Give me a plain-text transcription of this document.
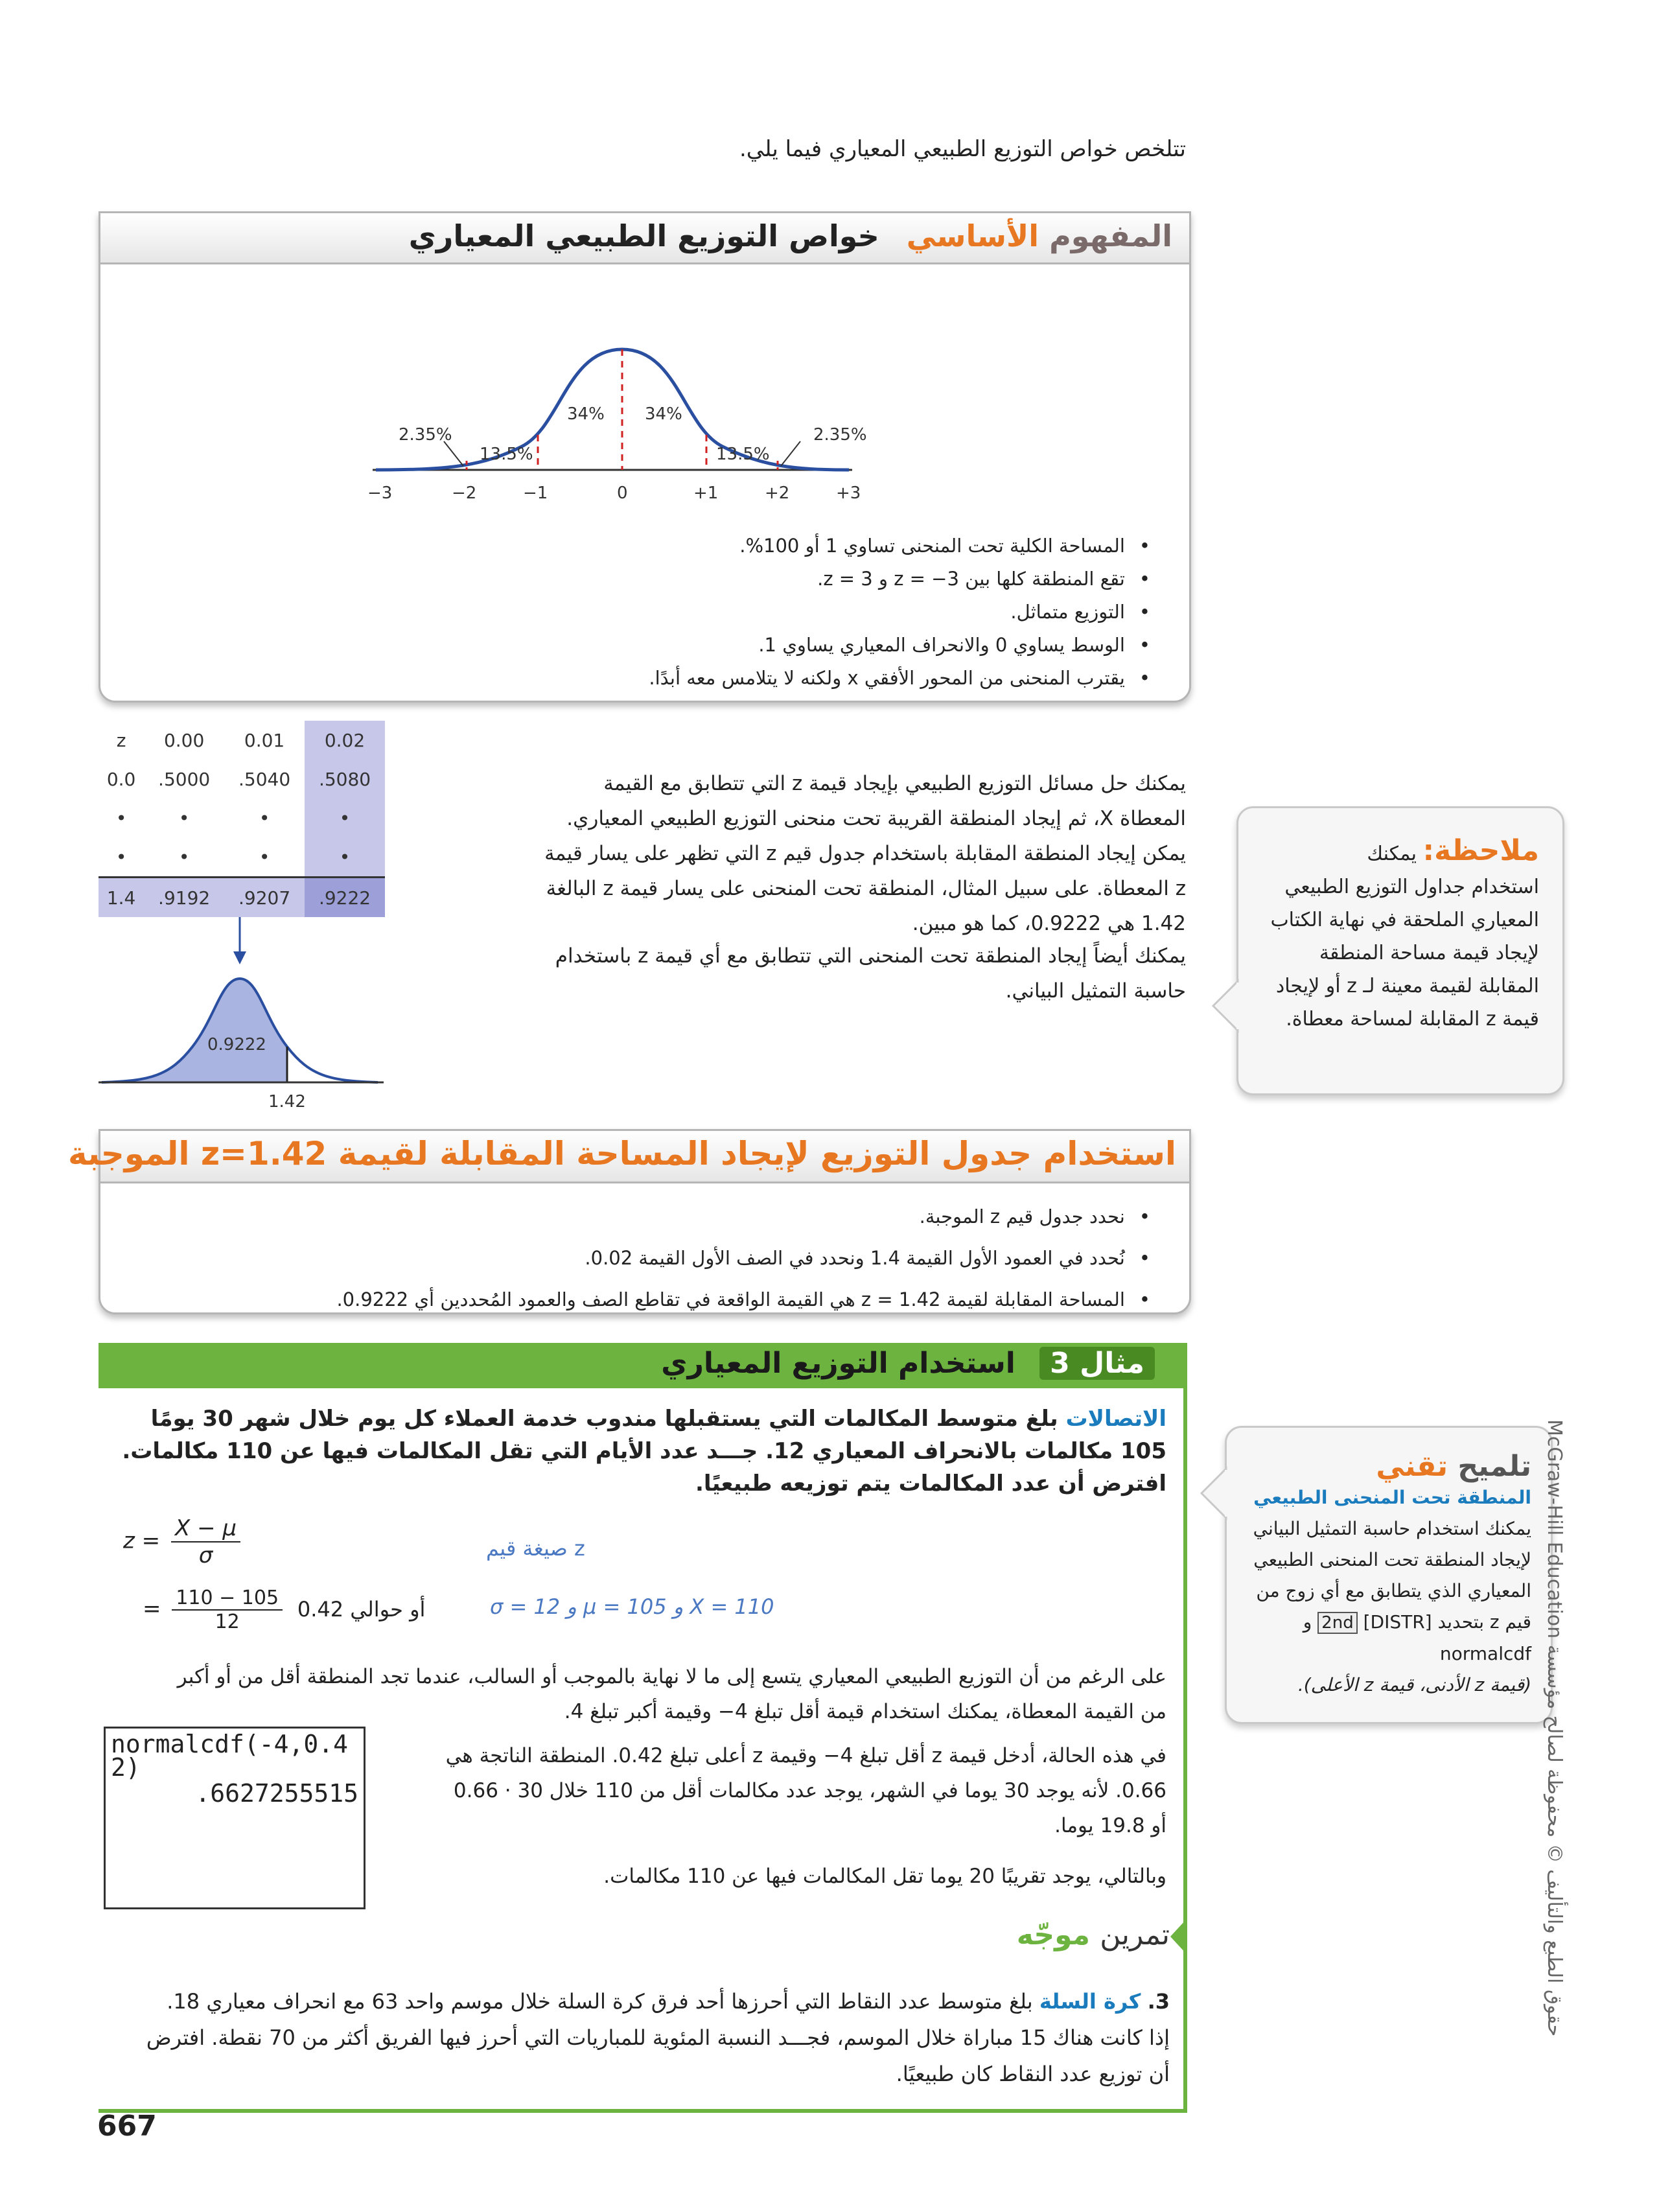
تتلخص خواص التوزيع الطبيعي المعياري فيما يلي.
المفهوم الأساسي خواص التوزيع الطبيعي المعياري
2.35%
13.5%
34% 34%
13.5%
2.35%
−3	−2	−1	0	+1	+2	+3
• المساحة الكلية تحت المنحنى تساوي 1 أو 100%.
• تقع المنطقة كلها بين z = −3 و z = 3.
• التوزيع متماثل.
• الوسط يساوي 0 والانحراف المعياري يساوي 1.
• يقترب المنحنى من المحور الأفقي x ولكنه لا يتلامس معه أبدًا.
z	0.00	0.01	0.02
0.0	.5000	.5040	.5080
•	•	•	•
•	•	•	•
1.4	.9192	.9207	.9222
0.9222
1.42
يمكنك حل مسائل التوزيع الطبيعي بإيجاد قيمة z التي تتطابق مع القيمة المعطاة X، ثم إيجاد المنطقة القريبة تحت منحنى التوزيع الطبيعي المعياري. يمكن إيجاد المنطقة المقابلة باستخدام جدول قيم z التي تظهر على يسار قيمة z المعطاة. على سبيل المثال، المنطقة تحت المنحنى على يسار قيمة z البالغة 1.42 هي 0.9222، كما هو مبين.
يمكنك أيضاً إيجاد المنطقة تحت المنحنى التي تتطابق مع أي قيمة z باستخدام حاسبة التمثيل البياني.
ملاحظة: يمكنك
استخدام جداول التوزيع الطبيعي المعياري الملحقة في نهاية الكتاب لإيجاد قيمة مساحة المنطقة المقابلة لقيمة معينة لـ z أو لإيجاد قيمة z المقابلة لمساحة معطاة.
استخدام جدول التوزيع لإيجاد المساحة المقابلة لقيمة z=1.42 الموجبة
• نحدد جدول قيم z الموجبة.
• نُحدد في العمود الأول القيمة 1.4 ونحدد في الصف الأول القيمة 0.02.
• المساحة المقابلة لقيمة z = 1.42 هي القيمة الواقعة في تقاطع الصف والعمود المُحددين أي 0.9222.
مثال 3 استخدام التوزيع المعياري
الاتصالات بلغ متوسط المكالمات التي يستقبلها مندوب خدمة العملاء كل يوم خلال شهر 30 يومًا 105 مكالمات بالانحراف المعياري 12. جـــد عدد الأيام التي تقل المكالمات فيها عن 110 مكالمات. افترض أن عدد المكالمات يتم توزيعه طبيعيًا.
$z = \frac{X - \mu}{\sigma}$	صيغة قيم z
= $\frac{110 - 105}{12}$ أو حوالي 0.42	X = 110 و μ = 105 و σ = 12
على الرغم من أن التوزيع الطبيعي المعياري يتسع إلى ما لا نهاية بالموجب أو السالب، عندما تجد المنطقة أقل من أو أكبر من القيمة المعطاة، يمكنك استخدام قيمة أقل تبلغ 4− وقيمة أكبر تبلغ 4.
في هذه الحالة، أدخل قيمة z أقل تبلغ 4− وقيمة z أعلى تبلغ 0.42. المنطقة الناتجة هي 0.66. لأنه يوجد 30 يوما في الشهر، يوجد عدد مكالمات أقل من 110 خلال 30 · 0.66 أو 19.8 يوما.
وبالتالي، يوجد تقريبًا 20 يوما تقل المكالمات فيها عن 110 مكالمات.
normalcdf(-4,0.4
2)
.6627255515
تلميح تقني
المنطقة تحت المنحنى الطبيعي
يمكنك استخدام حاسبة التمثيل البياني لإيجاد المنطقة تحت المنحنى الطبيعي المعياري الذي يتطابق مع أي زوج من قيم z بتحديد 2nd [DISTR] و normalcdf
(قيمة z الأدنى، قيمة z الأعلى).
حقوق الطبع والتأليف © محفوظة لصالح مؤسسة McGraw-Hill Education
تمرين موجّه
3. كرة السلة بلغ متوسط عدد النقاط التي أحرزها أحد فرق كرة السلة خلال موسم واحد 63 مع انحراف معياري 18. إذا كانت هناك 15 مباراة خلال الموسم، فجـــد النسبة المئوية للمباريات التي أحرز فيها الفريق أكثر من 70 نقطة. افترض أن توزيع عدد النقاط كان طبيعيًا.
667
